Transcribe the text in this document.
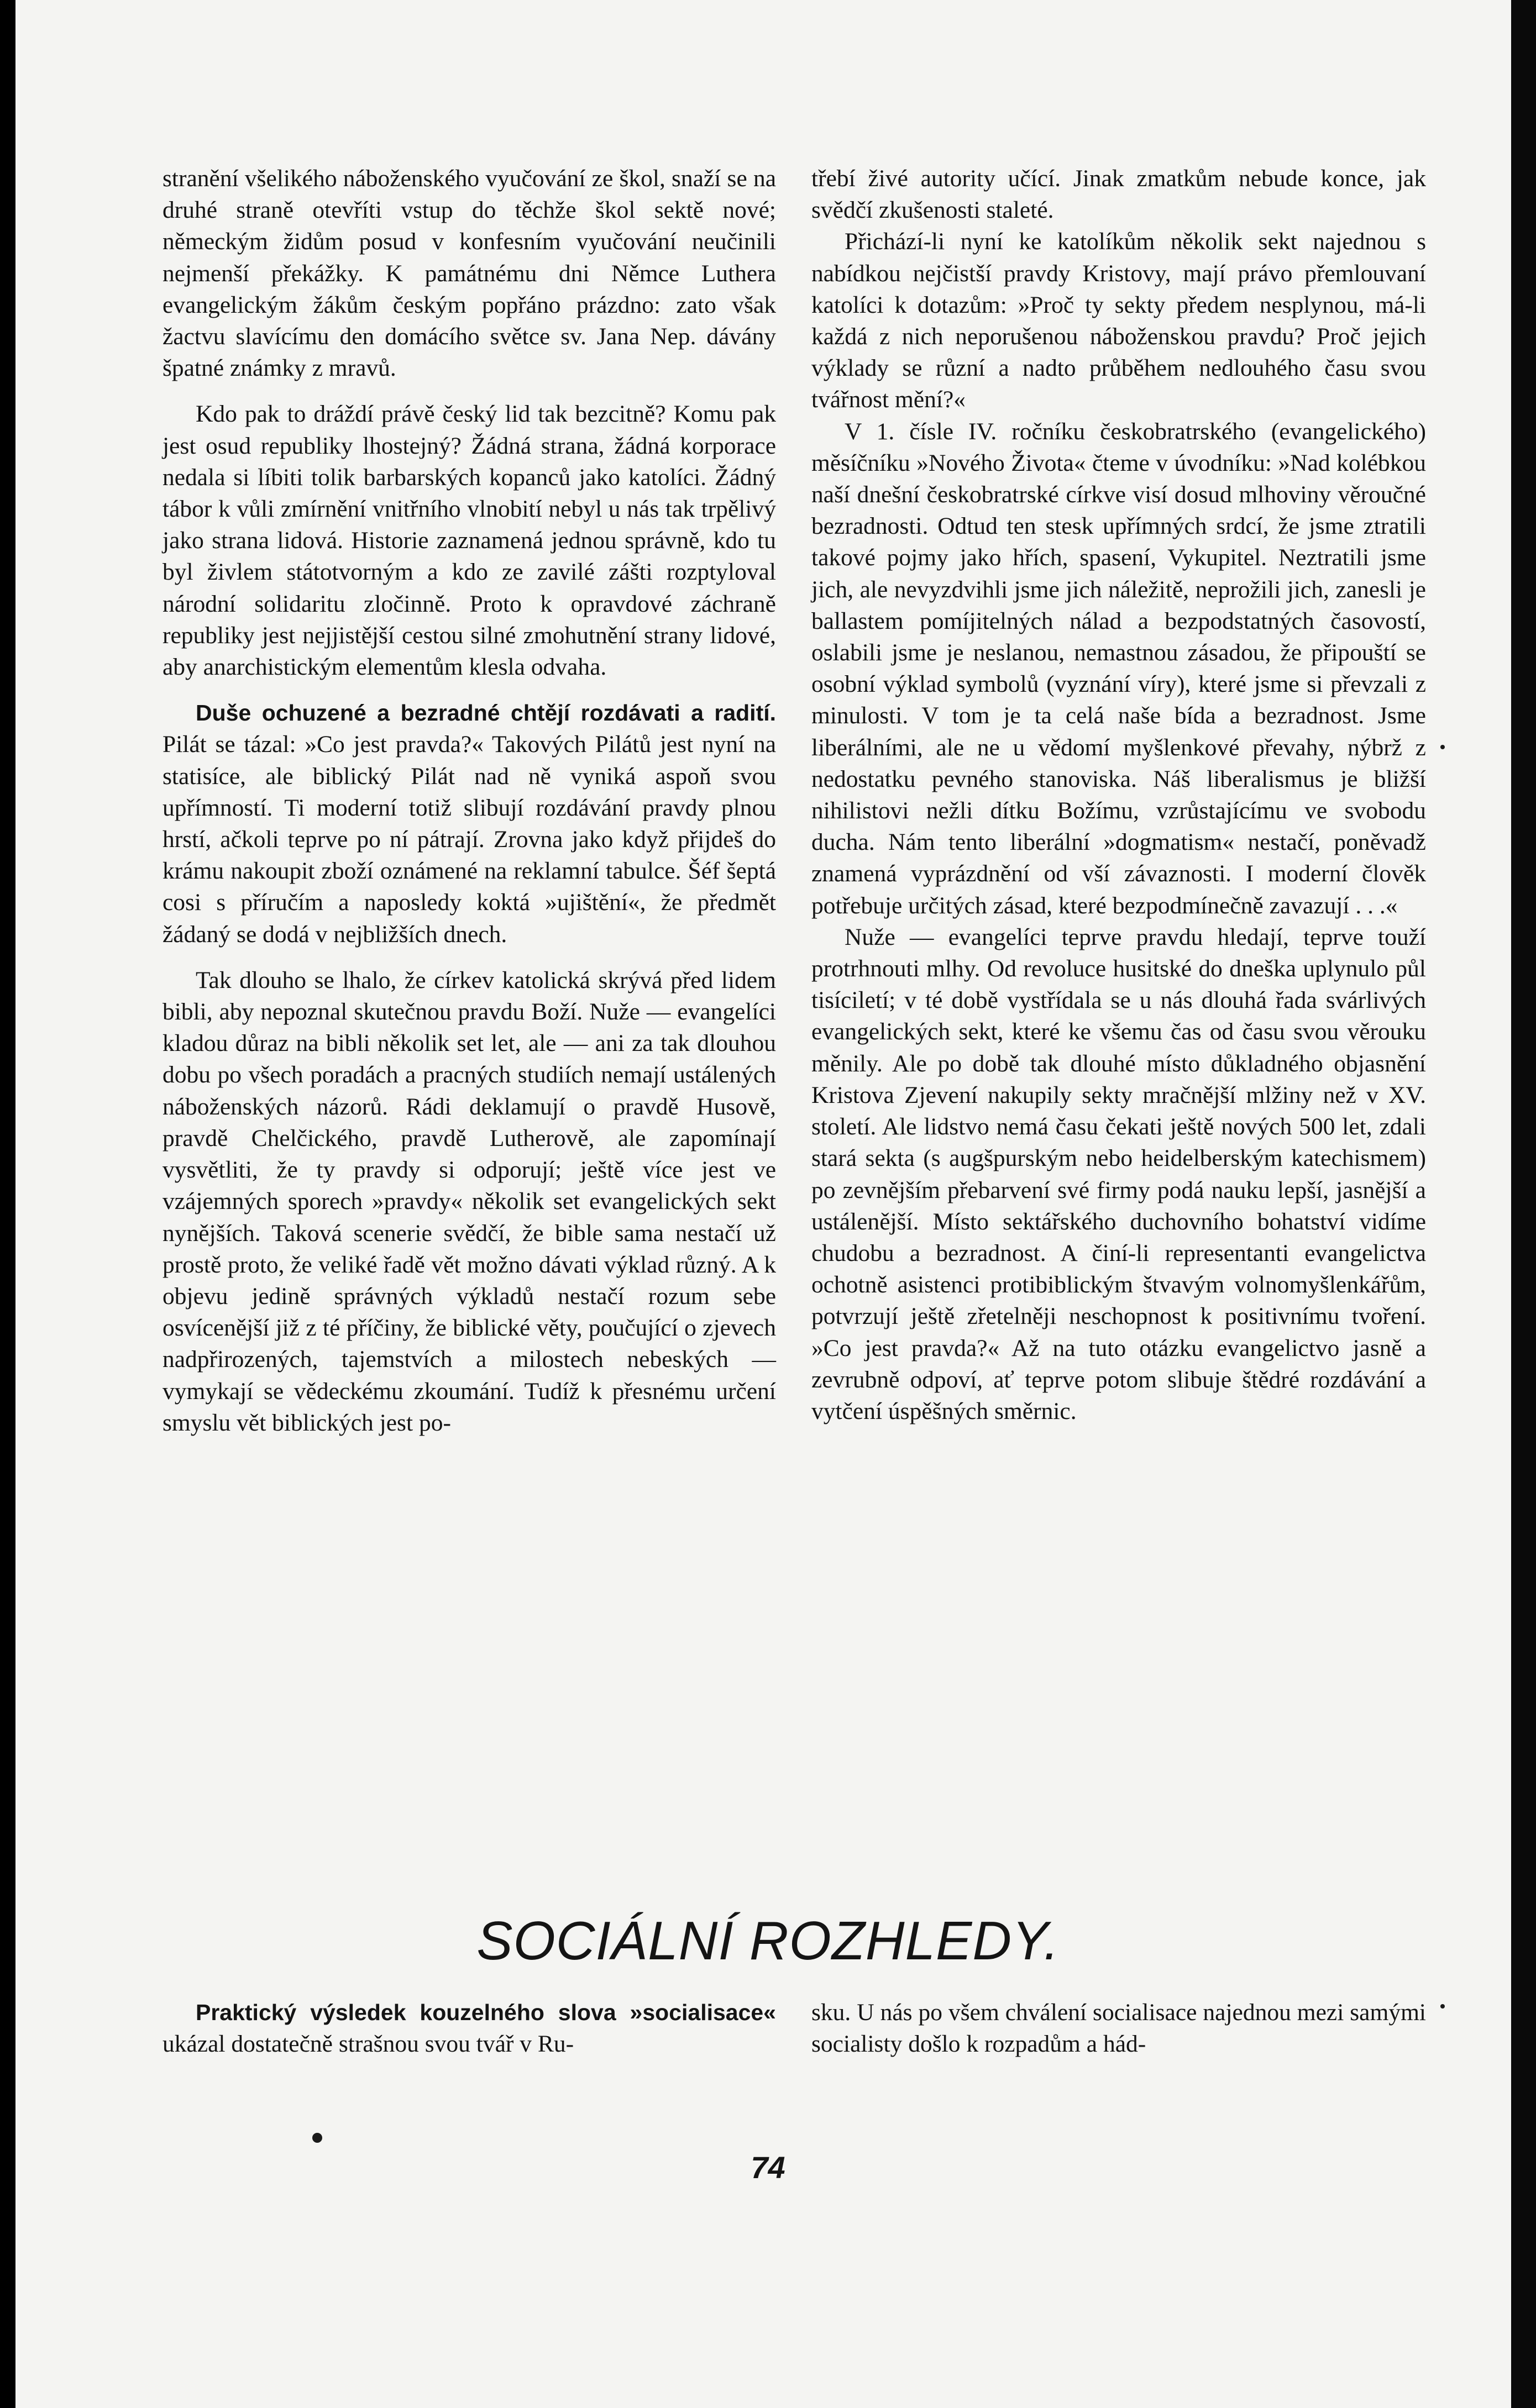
stranění všelikého náboženského vyučování ze škol, snaží se na druhé straně otevříti vstup do těchže škol sektě nové; německým židům posud v konfesním vyučování neučinili nejmenší překážky. K památnému dni Němce Luthera evangelickým žákům českým popřáno prázdno: zato však žactvu slavícímu den domácího světce sv. Jana Nep. dávány špatné známky z mravů.

Kdo pak to dráždí právě český lid tak bezcitně? Komu pak jest osud republiky lhostejný? Žádná strana, žádná korporace nedala si líbiti tolik barbarských kopanců jako katolíci. Žádný tábor k vůli zmírnění vnitřního vlnobití nebyl u nás tak trpělivý jako strana lidová. Historie zaznamená jednou správně, kdo tu byl živlem státotvorným a kdo ze zavilé zášti rozptyloval národní solidaritu zločinně. Proto k opravdové záchraně republiky jest nejjistější cestou silné zmohutnění strany lidové, aby anarchistickým elementům klesla odvaha.

Duše ochuzené a bezradné chtějí rozdávati a radití. Pilát se tázal: »Co jest pravda?« Takových Pilátů jest nyní na statisíce, ale biblický Pilát nad ně vyniká aspoň svou upřímností. Ti moderní totiž slibují rozdávání pravdy plnou hrstí, ačkoli teprve po ní pátrají. Zrovna jako když přijdeš do krámu nakoupit zboží oznámené na reklamní tabulce. Šéf šeptá cosi s příručím a naposledy koktá »ujištění«, že předmět žádaný se dodá v nejbližších dnech.

Tak dlouho se lhalo, že církev katolická skrývá před lidem bibli, aby nepoznal skutečnou pravdu Boží. Nuže — evangelíci kladou důraz na bibli několik set let, ale — ani za tak dlouhou dobu po všech poradách a pracných studiích nemají ustálených náboženských názorů. Rádi deklamují o pravdě Husově, pravdě Chelčického, pravdě Lutherově, ale zapomínají vysvětliti, že ty pravdy si odporují; ještě více jest ve vzájemných sporech »pravdy« několik set evangelických sekt nynějších. Taková scenerie svědčí, že bible sama nestačí už prostě proto, že veliké řadě vět možno dávati výklad různý. A k objevu jedině správných výkladů nestačí rozum sebe osvícenější již z té příčiny, že biblické věty, poučující o zjevech nadpřirozených, tajemstvích a milostech nebeských — vymykají se vědeckému zkoumání. Tudíž k přesnému určení smyslu vět biblických jest po-

třebí živé autority učící. Jinak zmatkům nebude konce, jak svědčí zkušenosti staleté.

Přichází-li nyní ke katolíkům několik sekt najednou s nabídkou nejčistší pravdy Kristovy, mají právo přemlouvaní katolíci k dotazům: »Proč ty sekty předem nesplynou, má-li každá z nich neporušenou náboženskou pravdu? Proč jejich výklady se různí a nadto průběhem nedlouhého času svou tvářnost mění?«

V 1. čísle IV. ročníku českobratrského (evangelického) měsíčníku »Nového Života« čteme v úvodníku: »Nad kolébkou naší dnešní českobratrské církve visí dosud mlhoviny věroučné bezradnosti. Odtud ten stesk upřímných srdcí, že jsme ztratili takové pojmy jako hřích, spasení, Vykupitel. Neztratili jsme jich, ale nevyzdvihli jsme jich náležitě, neprožili jich, zanesli je ballastem pomíjitelných nálad a bezpodstatných časovostí, oslabili jsme je neslanou, nemastnou zásadou, že připouští se osobní výklad symbolů (vyznání víry), které jsme si převzali z minulosti. V tom je ta celá naše bída a bezradnost. Jsme liberálními, ale ne u vědomí myšlenkové převahy, nýbrž z nedostatku pevného stanoviska. Náš liberalismus je bližší nihilistovi nežli dítku Božímu, vzrůstajícímu ve svobodu ducha. Nám tento liberální »dogmatism« nestačí, poněvadž znamená vyprázdnění od vší závaznosti. I moderní člověk potřebuje určitých zásad, které bezpodmínečně zavazují . . .«

Nuže — evangelíci teprve pravdu hledají, teprve touží protrhnouti mlhy. Od revoluce husitské do dneška uplynulo půl tisíciletí; v té době vystřídala se u nás dlouhá řada svárlivých evangelických sekt, které ke všemu čas od času svou věrouku měnily. Ale po době tak dlouhé místo důkladného objasnění Kristova Zjevení nakupily sekty mračnější mlžiny než v XV. století. Ale lidstvo nemá času čekati ještě nových 500 let, zdali stará sekta (s augšpurským nebo heidelberským katechismem) po zevnějším přebarvení své firmy podá nauku lepší, jasnější a ustálenější. Místo sektářského duchovního bohatství vidíme chudobu a bezradnost. A činí-li representanti evangelictva ochotně asistenci protibiblickým štvavým volnomyšlenkářům, potvrzují ještě zřetelněji neschopnost k positivnímu tvoření. »Co jest pravda?« Až na tuto otázku evangelictvo jasně a zevrubně odpoví, ať teprve potom slibuje štědré rozdávání a vytčení úspěšných směrnic.

SOCIÁLNÍ ROZHLEDY.

Praktický výsledek kouzelného slova »socialisace« ukázal dostatečně strašnou svou tvář v Ru-

sku. U nás po všem chválení socialisace najednou mezi samými socialisty došlo k rozpadům a hád-

74
